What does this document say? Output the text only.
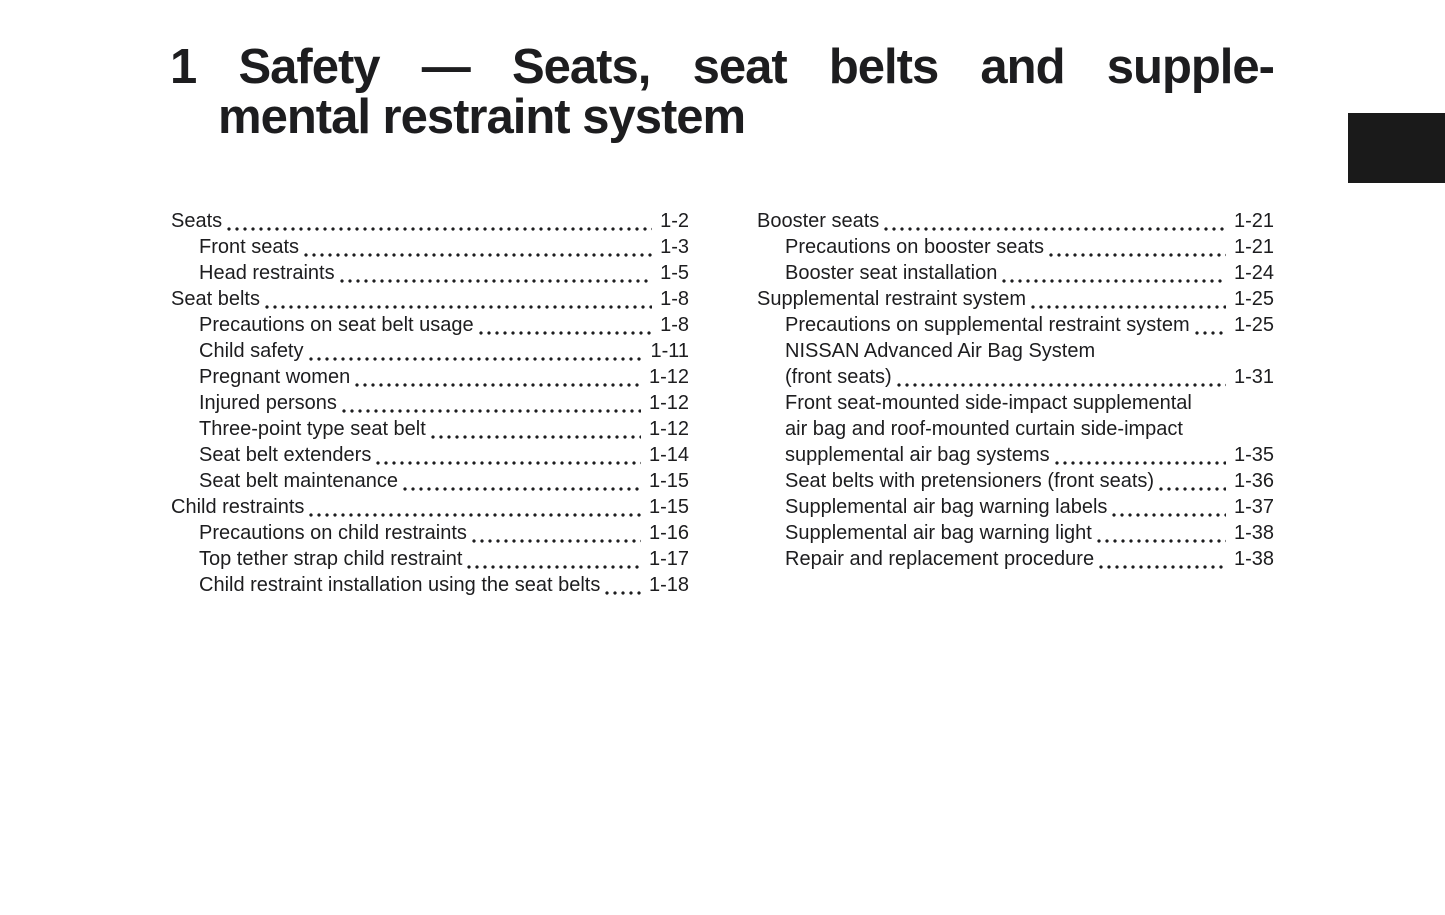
1 Safety — Seats, seat belts and supple-
mental restraint system
Seats	1-2
Front seats	1-3
Head restraints	1-5
Seat belts	1-8
Precautions on seat belt usage	1-8
Child safety	1-11
Pregnant women	1-12
Injured persons	1-12
Three-point type seat belt	1-12
Seat belt extenders	1-14
Seat belt maintenance	1-15
Child restraints	1-15
Precautions on child restraints	1-16
Top tether strap child restraint	1-17
Child restraint installation using the seat belts 1-18
Booster seats	1-21
Precautions on booster seats	1-21
Booster seat installation	1-24
Supplemental restraint system	1-25
Precautions on supplemental restraint system 1-25
NISSAN Advanced Air Bag System
(front seats)	1-31
Front seat-mounted side-impact supplemental
air bag and roof-mounted curtain side-impact
supplemental air bag systems	1-35
Seat belts with pretensioners (front seats)	1-36
Supplemental air bag warning labels	1-37
Supplemental air bag warning light	1-38
Repair and replacement procedure	1-38
